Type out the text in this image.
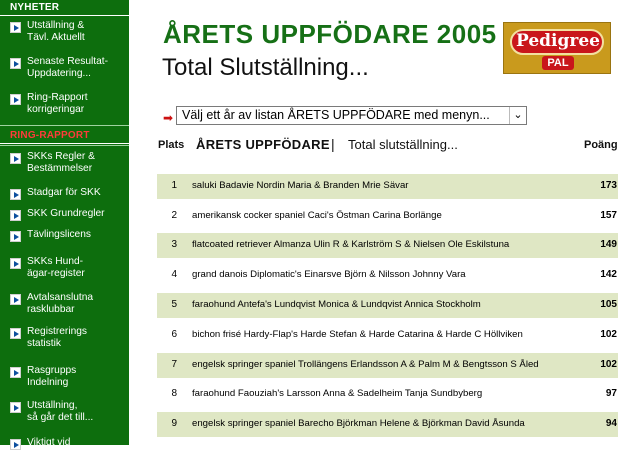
NYHETER
Utställning &
Tävl. Aktuellt
Senaste Resultat-
Uppdatering...
Ring-Rapport
korrigeringar
RING-RAPPORT
SKKs Regler &
Bestämmelser
Stadgar för SKK
SKK Grundregler
Tävlingslicens
SKKs Hund-
ägar-register
Avtalsanslutna
rasklubbar
Registrerings
statistik
Rasgrupps
Indelning
Utställning,
så går det till...
Viktigt vid
ÅRETS UPPFÖDARE 2005
Total Slutställning...
Pedigree
PAL
➡ Välj ett år av listan ÅRETS UPPFÖDARE med menyn...	⌄
Plats ÅRETS UPPFÖDARE | Total slutställning...	Poäng
1 saluki Badavie Nordin Maria & Branden Mrie Sävar	173
2 amerikansk cocker spaniel Caci's Östman Carina Borlänge	157
3 flatcoated retriever Almanza Ulin R & Karlström S & Nielsen Ole Eskilstuna	149
4 grand danois Diplomatic's Einarsve Björn & Nilsson Johnny Vara	142
5 faraohund Antefa's Lundqvist Monica & Lundqvist Annica Stockholm	105
6 bichon frisé Hardy-Flap's Harde Stefan & Harde Catarina & Harde C Höllviken	102
7 engelsk springer spaniel Trollängens Erlandsson A & Palm M & Bengtsson S Åled	102
8 faraohund Faouziah's Larsson Anna & Sadelheim Tanja Sundbyberg	97
9 engelsk springer spaniel Barecho Björkman Helene & Björkman David Åsunda	94
